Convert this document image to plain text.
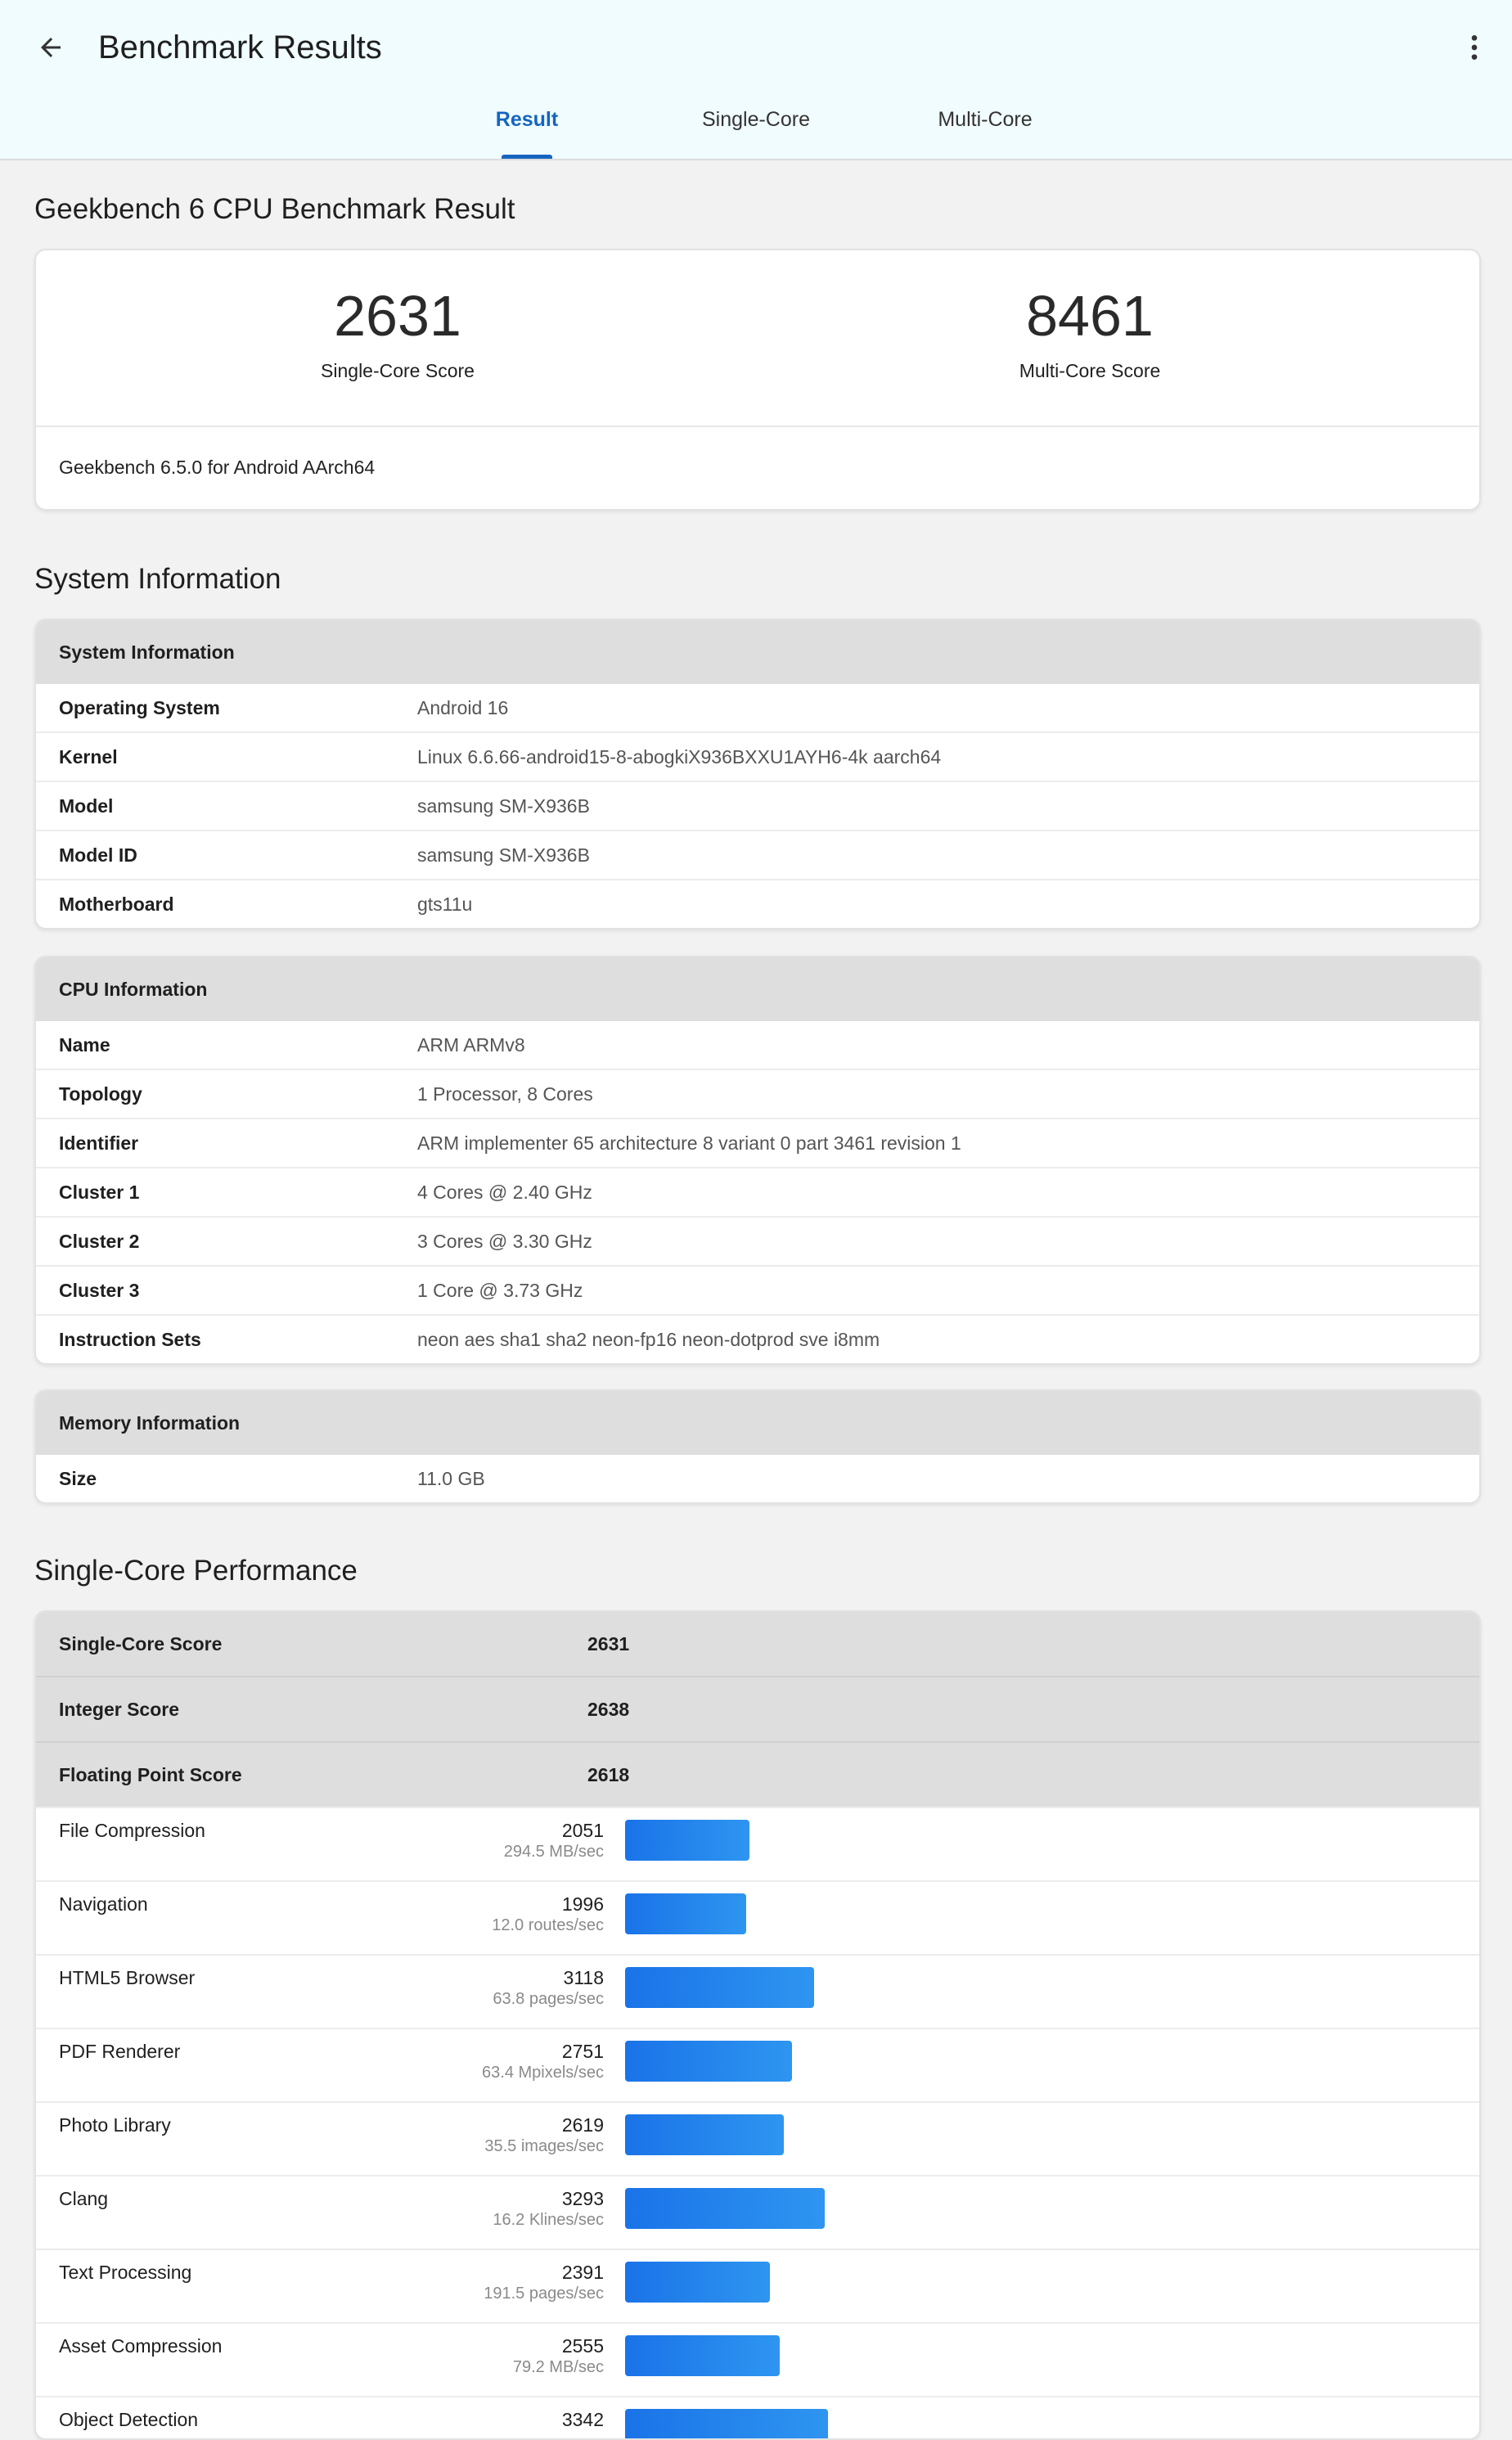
Benchmark Results
Result	Single-Core	Multi-Core
Geekbench 6 CPU Benchmark Result
2631
Single-Core Score
8461
Multi-Core Score
Geekbench 6.5.0 for Android AArch64
System Information
System Information
Operating System	Android 16
Kernel	Linux 6.6.66-android15-8-abogkiX936BXXU1AYH6-4k aarch64
Model	samsung SM-X936B
Model ID	samsung SM-X936B
Motherboard	gts11u
CPU Information
Name	ARM ARMv8
Topology	1 Processor, 8 Cores
Identifier	ARM implementer 65 architecture 8 variant 0 part 3461 revision 1
Cluster 1	4 Cores @ 2.40 GHz
Cluster 2	3 Cores @ 3.30 GHz
Cluster 3	1 Core @ 3.73 GHz
Instruction Sets	neon aes sha1 sha2 neon-fp16 neon-dotprod sve i8mm
Memory Information
Size	11.0 GB
Single-Core Performance
Single-Core Score	2631
Integer Score	2638
Floating Point Score	2618
File Compression	2051
294.5 MB/sec
Navigation	1996
12.0 routes/sec
HTML5 Browser	3118
63.8 pages/sec
PDF Renderer	2751
63.4 Mpixels/sec
Photo Library	2619
35.5 images/sec
Clang	3293
16.2 Klines/sec
Text Processing	2391
191.5 pages/sec
Asset Compression	2555
79.2 MB/sec
Object Detection	3342
